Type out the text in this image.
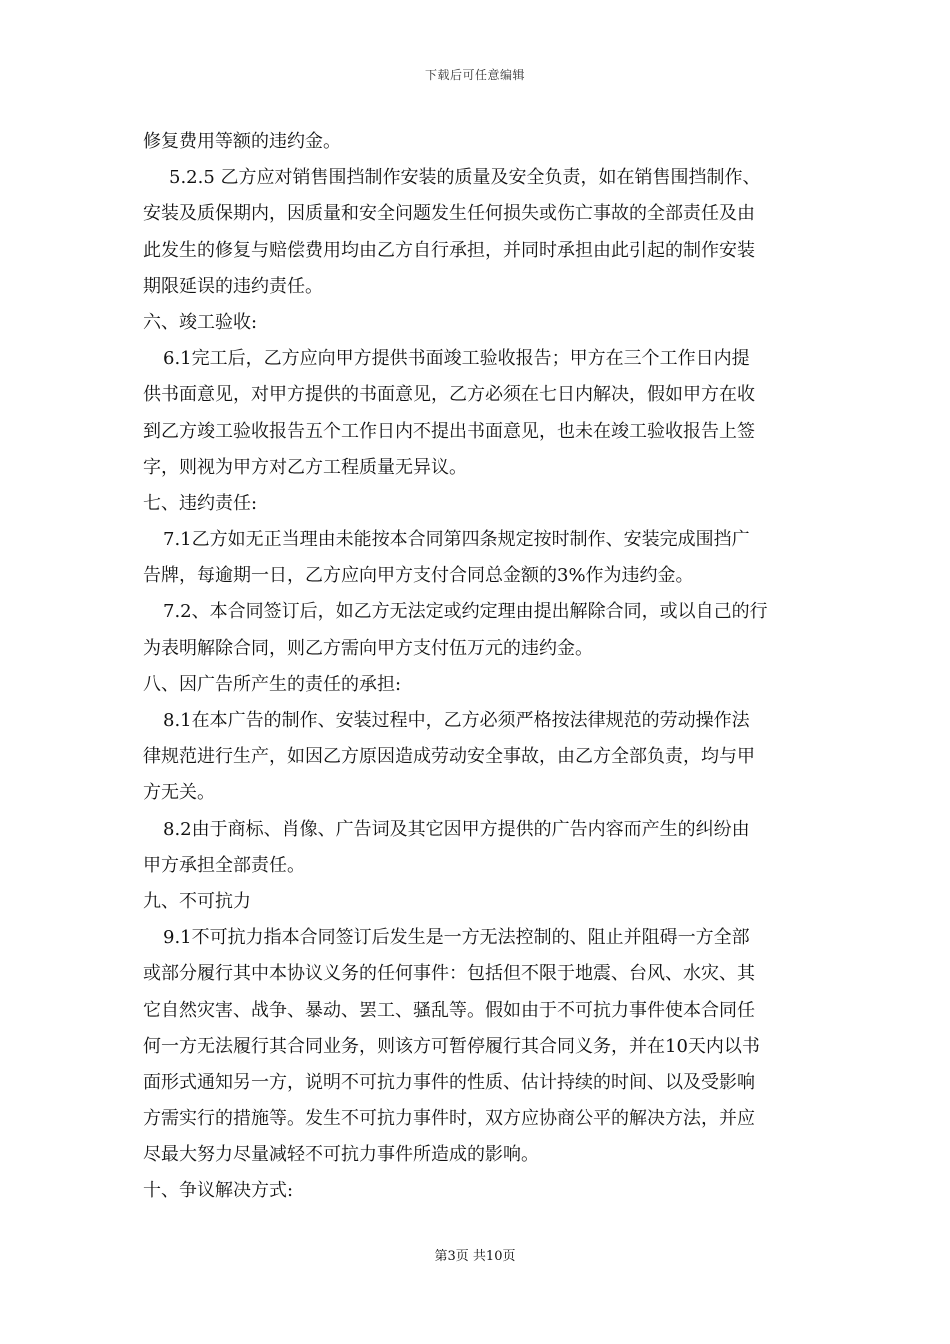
下载后可任意编辑
修复费用等额的违约金。
5.2.5 乙方应对销售围挡制作安装的质量及安全负责，如在销售围挡制作、
安装及质保期内，因质量和安全问题发生任何损失或伤亡事故的全部责任及由
此发生的修复与赔偿费用均由乙方自行承担，并同时承担由此引起的制作安装
期限延误的违约责任。
六、竣工验收:
6.1完工后，乙方应向甲方提供书面竣工验收报告；甲方在三个工作日内提
供书面意见，对甲方提供的书面意见，乙方必须在七日内解决，假如甲方在收
到乙方竣工验收报告五个工作日内不提出书面意见，也未在竣工验收报告上签
字，则视为甲方对乙方工程质量无异议。
七、违约责任:
7.1乙方如无正当理由未能按本合同第四条规定按时制作、安装完成围挡广
告牌，每逾期一日，乙方应向甲方支付合同总金额的3%作为违约金。
7.2、本合同签订后，如乙方无法定或约定理由提出解除合同，或以自己的行
为表明解除合同，则乙方需向甲方支付伍万元的违约金。
八、因广告所产生的责任的承担:
8.1在本广告的制作、安装过程中，乙方必须严格按法律规范的劳动操作法
律规范进行生产，如因乙方原因造成劳动安全事故，由乙方全部负责，均与甲
方无关。
8.2由于商标、肖像、广告词及其它因甲方提供的广告内容而产生的纠纷由
甲方承担全部责任。
九、不可抗力
9.1不可抗力指本合同签订后发生是一方无法控制的、阻止并阻碍一方全部
或部分履行其中本协议义务的任何事件：包括但不限于地震、台风、水灾、其
它自然灾害、战争、暴动、罢工、骚乱等。假如由于不可抗力事件使本合同任
何一方无法履行其合同业务，则该方可暂停履行其合同义务，并在10天内以书
面形式通知另一方，说明不可抗力事件的性质、估计持续的时间、以及受影响
方需实行的措施等。发生不可抗力事件时，双方应协商公平的解决方法，并应
尽最大努力尽量减轻不可抗力事件所造成的影响。
十、争议解决方式:
第3页 共10页
